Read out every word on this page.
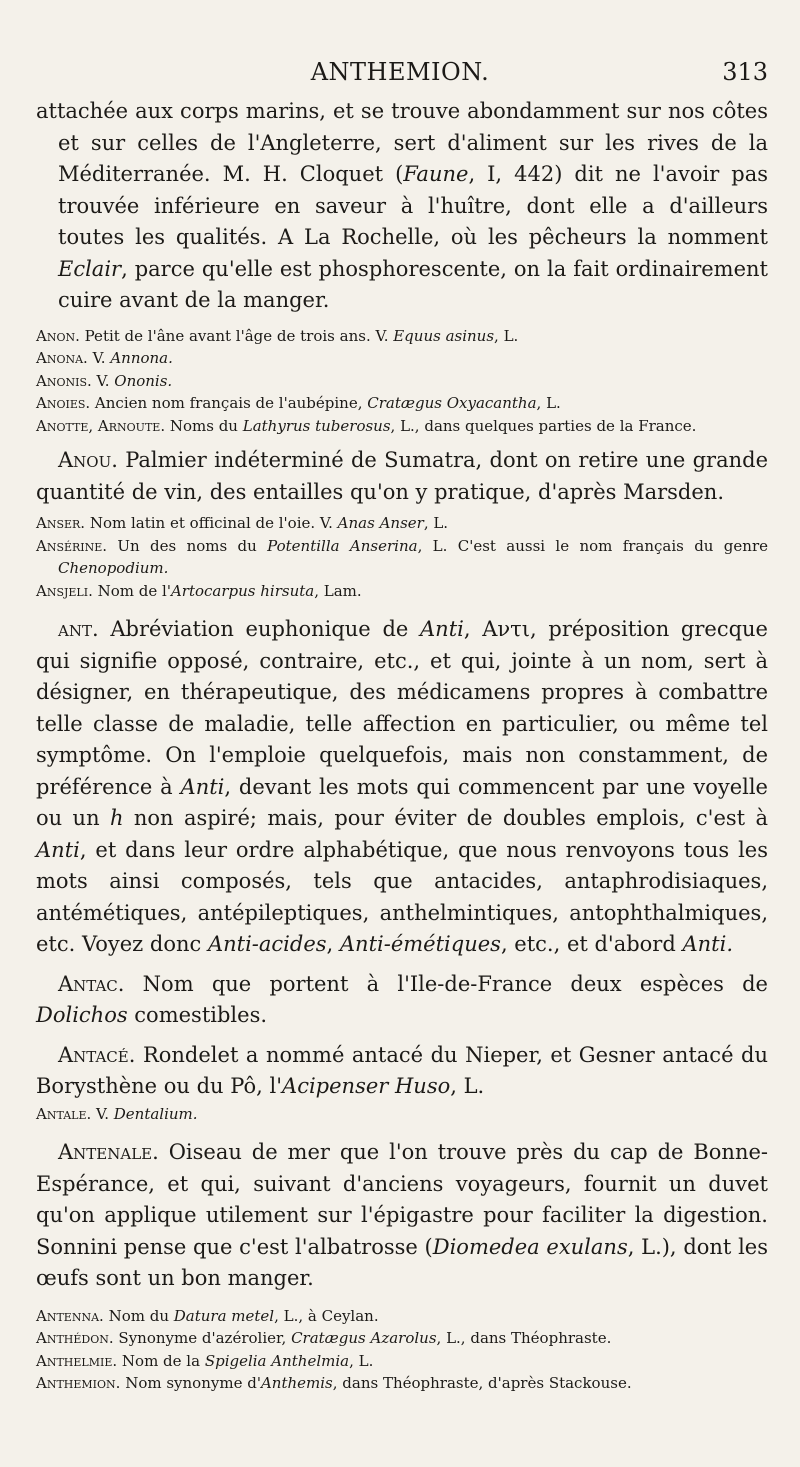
ANTHEMION.	313

attachée aux corps marins, et se trouve abondamment sur nos côtes et sur celles de l'Angleterre, sert d'aliment sur les rives de la Méditerranée. M. H. Cloquet (Faune, I, 442) dit ne l'avoir pas trouvée inférieure en saveur à l'huître, dont elle a d'ailleurs toutes les qualités. A La Rochelle, où les pêcheurs la nomment Eclair, parce qu'elle est phosphorescente, on la fait ordinairement cuire avant de la manger.

Anon. Petit de l'âne avant l'âge de trois ans. V. Equus asinus, L.

Anona. V. Annona.

Anonis. V. Ononis.

Anoies. Ancien nom français de l'aubépine, Cratægus Oxyacantha, L.

Anotte, Arnoute. Noms du Lathyrus tuberosus, L., dans quelques parties de la France.

Anou. Palmier indéterminé de Sumatra, dont on retire une grande quantité de vin, des entailles qu'on y pratique, d'après Marsden.

Anser. Nom latin et officinal de l'oie. V. Anas Anser, L.

Ansérine. Un des noms du Potentilla Anserina, L. C'est aussi le nom français du genre Chenopodium.

Ansjeli. Nom de l'Artocarpus hirsuta, Lam.

ant. Abréviation euphonique de Anti, Αντι, préposition grecque qui signifie opposé, contraire, etc., et qui, jointe à un nom, sert à désigner, en thérapeutique, des médicamens propres à combattre telle classe de maladie, telle affection en particulier, ou même tel symptôme. On l'emploie quelquefois, mais non constamment, de préférence à Anti, devant les mots qui commencent par une voyelle ou un h non aspiré; mais, pour éviter de doubles emplois, c'est à Anti, et dans leur ordre alphabétique, que nous renvoyons tous les mots ainsi composés, tels que antacides, antaphrodisiaques, antémétiques, antépileptiques, anthelmintiques, antophthalmiques, etc. Voyez donc Anti-acides, Anti-émétiques, etc., et d'abord Anti.

Antac. Nom que portent à l'Ile-de-France deux espèces de Dolichos comestibles.

Antacé. Rondelet a nommé antacé du Nieper, et Gesner antacé du Borysthène ou du Pô, l'Acipenser Huso, L.

Antale. V. Dentalium.

Antenale. Oiseau de mer que l'on trouve près du cap de Bonne-Espérance, et qui, suivant d'anciens voyageurs, fournit un duvet qu'on applique utilement sur l'épigastre pour faciliter la digestion. Sonnini pense que c'est l'albatrosse (Diomedea exulans, L.), dont les œufs sont un bon manger.

Antenna. Nom du Datura metel, L., à Ceylan.

Anthédon. Synonyme d'azérolier, Cratægus Azarolus, L., dans Théophraste.

Anthelmie. Nom de la Spigelia Anthelmia, L.

Anthemion. Nom synonyme d'Anthemis, dans Théophraste, d'après Stackouse.
